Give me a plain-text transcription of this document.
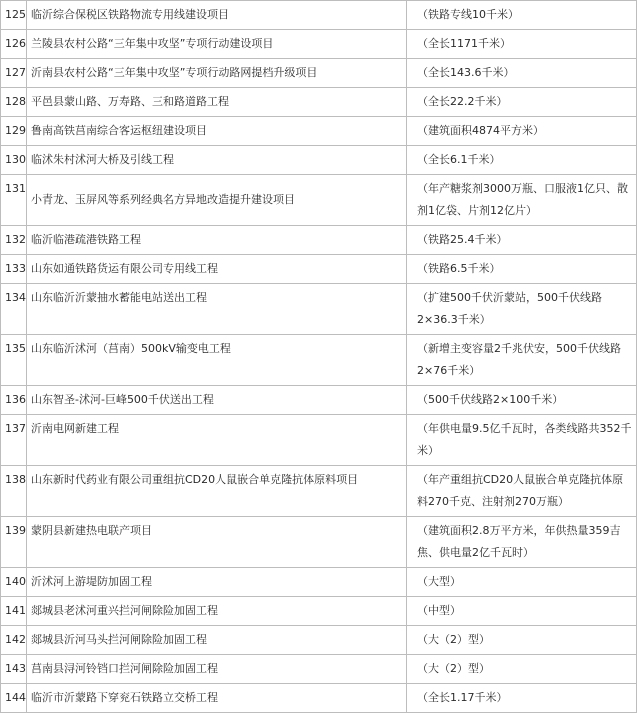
125	临沂综合保税区铁路物流专用线建设项目	（铁路专线10千米）
126	兰陵县农村公路“三年集中攻坚”专项行动建设项目	（全长1171千米）
127	沂南县农村公路“三年集中攻坚”专项行动路网提档升级项目	（全长143.6千米）
128	平邑县蒙山路、万寿路、三和路道路工程	（全长22.2千米）
129	鲁南高铁莒南综合客运枢纽建设项目	（建筑面积4874平方米）
130	临沭朱村沭河大桥及引线工程	（全长6.1千米）
131	小青龙、玉屏风等系列经典名方异地改造提升建设项目	（年产糖浆剂3000万瓶、口服液1亿只、散剂1亿袋、片剂12亿片）
132	临沂临港疏港铁路工程	（铁路25.4千米）
133	山东如通铁路货运有限公司专用线工程	（铁路6.5千米）
134	山东临沂沂蒙抽水蓄能电站送出工程	（扩建500千伏沂蒙站，500千伏线路2×36.3千米）
135	山东临沂沭河（莒南）500kV输变电工程	（新增主变容量2千兆伏安，500千伏线路2×76千米）
136	山东智圣-沭河-巨峰500千伏送出工程	（500千伏线路2×100千米）
137	沂南电网新建工程	（年供电量9.5亿千瓦时，各类线路共352千米）
138	山东新时代药业有限公司重组抗CD20人鼠嵌合单克隆抗体原料项目	（年产重组抗CD20人鼠嵌合单克隆抗体原料270千克、注射剂270万瓶）
139	蒙阴县新建热电联产项目	（建筑面积2.8万平方米，年供热量359吉焦、供电量2亿千瓦时）
140	沂沭河上游堤防加固工程	（大型）
141	郯城县老沭河重兴拦河闸除险加固工程	（中型）
142	郯城县沂河马头拦河闸除险加固工程	（大（2）型）
143	莒南县浔河铃铛口拦河闸除险加固工程	（大（2）型）
144	临沂市沂蒙路下穿兖石铁路立交桥工程	（全长1.17千米）
